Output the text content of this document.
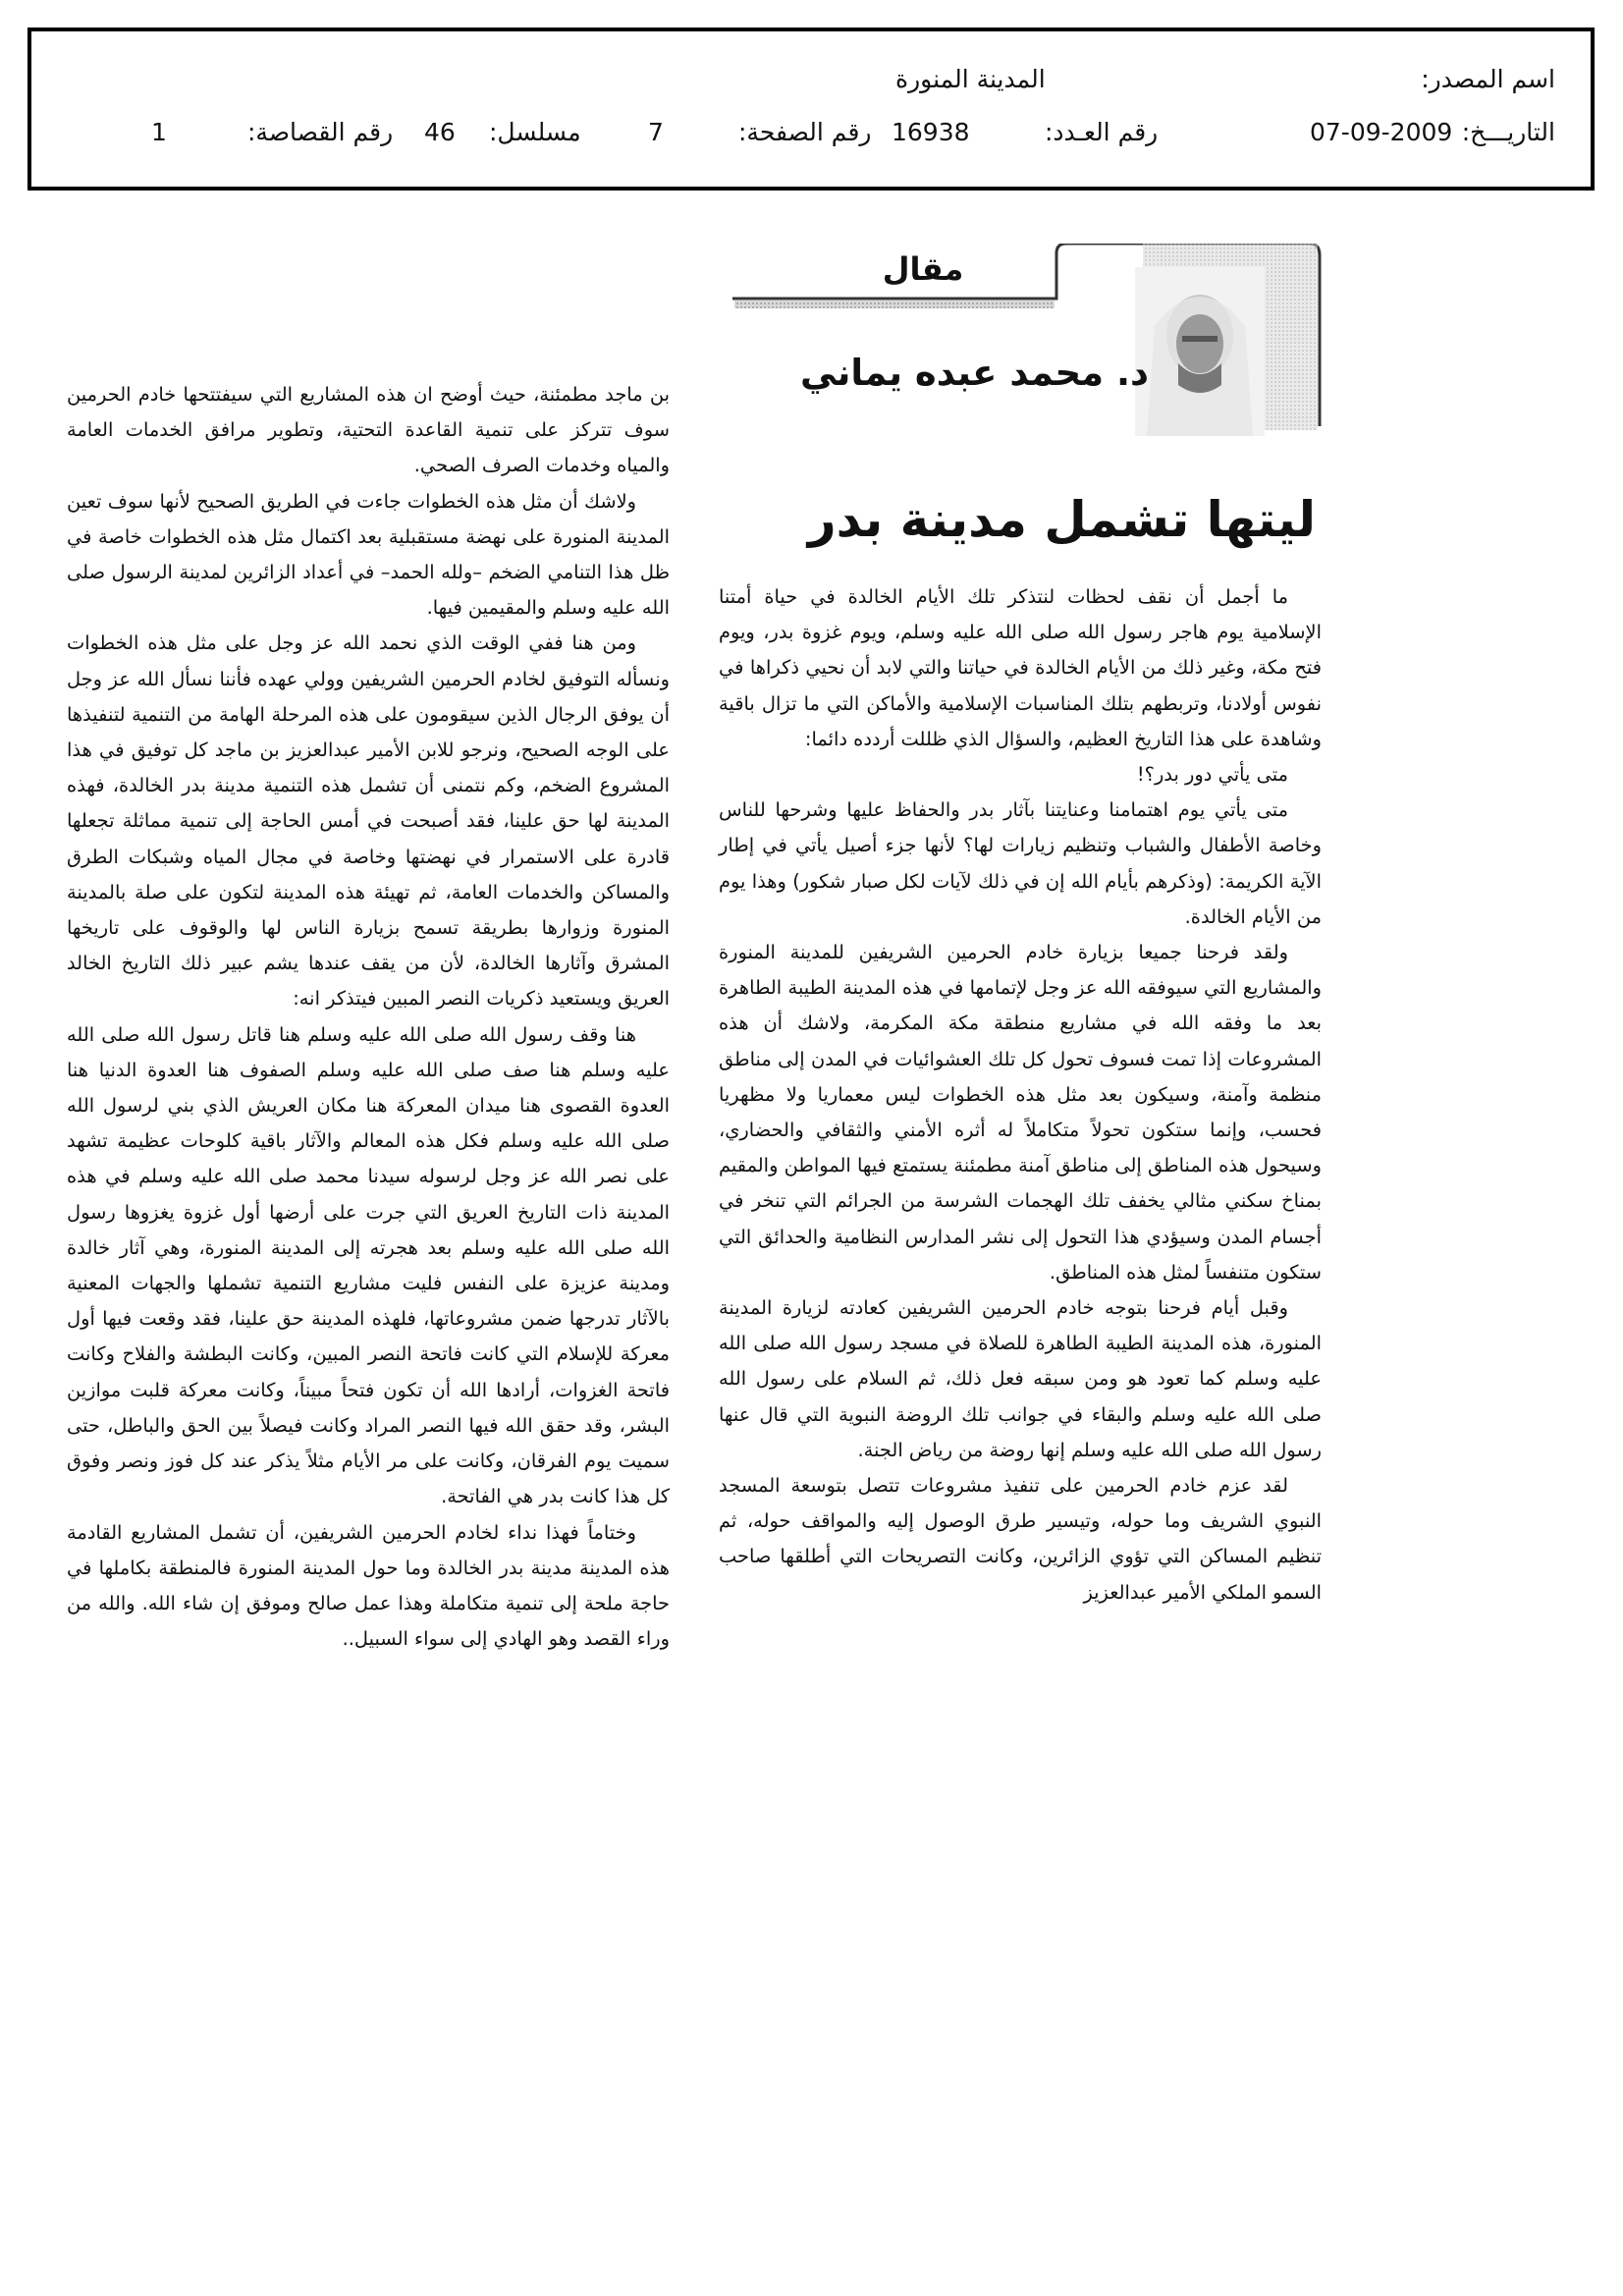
اسم المصدر:
المدينة المنورة
التاريـــخ:
07-09-2009
رقم العـدد:
16938
رقم الصفحة:
7
مسلسل:
46
رقم القصاصة:
1
مقال
د. محمد عبده يماني
ليتها تشمل مدينة بدر

ما أجمل أن نقف لحظات لنتذكر تلك الأيام الخالدة في حياة أمتنا الإسلامية يوم هاجر رسول الله صلى الله عليه وسلم، ويوم غزوة بدر، ويوم فتح مكة، وغير ذلك من الأيام الخالدة في حياتنا والتي لابد أن نحيي ذكراها في نفوس أولادنا، وتربطهم بتلك المناسبات الإسلامية والأماكن التي ما تزال باقية وشاهدة على هذا التاريخ العظيم، والسؤال الذي ظللت أردده دائما:

متى يأتي دور بدر؟!

متى يأتي يوم اهتمامنا وعنايتنا بآثار بدر والحفاظ عليها وشرحها للناس وخاصة الأطفال والشباب وتنظيم زيارات لها؟ لأنها جزء أصيل يأتي في إطار الآية الكريمة: (وذكرهم بأيام الله إن في ذلك لآيات لكل صبار شكور) وهذا يوم من الأيام الخالدة.

ولقد فرحنا جميعا بزيارة خادم الحرمين الشريفين للمدينة المنورة والمشاريع التي سيوفقه الله عز وجل لإتمامها في هذه المدينة الطيبة الطاهرة بعد ما وفقه الله في مشاريع منطقة مكة المكرمة، ولاشك أن هذه المشروعات إذا تمت فسوف تحول كل تلك العشوائيات في المدن إلى مناطق منظمة وآمنة، وسيكون بعد مثل هذه الخطوات ليس معماريا ولا مظهريا فحسب، وإنما ستكون تحولاً متكاملاً له أثره الأمني والثقافي والحضاري، وسيحول هذه المناطق إلى مناطق آمنة مطمئنة يستمتع فيها المواطن والمقيم بمناخ سكني مثالي يخفف تلك الهجمات الشرسة من الجرائم التي تنخر في أجسام المدن وسيؤدي هذا التحول إلى نشر المدارس النظامية والحدائق التي ستكون متنفساً لمثل هذه المناطق.

وقبل أيام فرحنا بتوجه خادم الحرمين الشريفين كعادته لزيارة المدينة المنورة، هذه المدينة الطيبة الطاهرة للصلاة في مسجد رسول الله صلى الله عليه وسلم كما تعود هو ومن سبقه فعل ذلك، ثم السلام على رسول الله صلى الله عليه وسلم والبقاء في جوانب تلك الروضة النبوية التي قال عنها رسول الله صلى الله عليه وسلم إنها روضة من رياض الجنة.

لقد عزم خادم الحرمين على تنفيذ مشروعات تتصل بتوسعة المسجد النبوي الشريف وما حوله، وتيسير طرق الوصول إليه والمواقف حوله، ثم تنظيم المساكن التي تؤوي الزائرين، وكانت التصريحات التي أطلقها صاحب السمو الملكي الأمير عبدالعزيز

بن ماجد مطمئنة، حيث أوضح ان هذه المشاريع التي سيفتتحها خادم الحرمين سوف تتركز على تنمية القاعدة التحتية، وتطوير مرافق الخدمات العامة والمياه وخدمات الصرف الصحي.

ولاشك أن مثل هذه الخطوات جاءت في الطريق الصحيح لأنها سوف تعين المدينة المنورة على نهضة مستقبلية بعد اكتمال مثل هذه الخطوات خاصة في ظل هذا التنامي الضخم –ولله الحمد– في أعداد الزائرين لمدينة الرسول صلى الله عليه وسلم والمقيمين فيها.

ومن هنا ففي الوقت الذي نحمد الله عز وجل على مثل هذه الخطوات ونسأله التوفيق لخادم الحرمين الشريفين وولي عهده فأننا نسأل الله عز وجل أن يوفق الرجال الذين سيقومون على هذه المرحلة الهامة من التنمية لتنفيذها على الوجه الصحيح، ونرجو للابن الأمير عبدالعزيز بن ماجد كل توفيق في هذا المشروع الضخم، وكم نتمنى أن تشمل هذه التنمية مدينة بدر الخالدة، فهذه المدينة لها حق علينا، فقد أصبحت في أمس الحاجة إلى تنمية مماثلة تجعلها قادرة على الاستمرار في نهضتها وخاصة في مجال المياه وشبكات الطرق والمساكن والخدمات العامة، ثم تهيئة هذه المدينة لتكون على صلة بالمدينة المنورة وزوارها بطريقة تسمح بزيارة الناس لها والوقوف على تاريخها المشرق وآثارها الخالدة، لأن من يقف عندها يشم عبير ذلك التاريخ الخالد العريق ويستعيد ذكريات النصر المبين فيتذكر انه:

هنا وقف رسول الله صلى الله عليه وسلم هنا قاتل رسول الله صلى الله عليه وسلم هنا صف صلى الله عليه وسلم الصفوف هنا العدوة الدنيا هنا العدوة القصوى هنا ميدان المعركة هنا مكان العريش الذي بني لرسول الله صلى الله عليه وسلم فكل هذه المعالم والآثار باقية كلوحات عظيمة تشهد على نصر الله عز وجل لرسوله سيدنا محمد صلى الله عليه وسلم في هذه المدينة ذات التاريخ العريق التي جرت على أرضها أول غزوة يغزوها رسول الله صلى الله عليه وسلم بعد هجرته إلى المدينة المنورة، وهي آثار خالدة ومدينة عزيزة على النفس فليت مشاريع التنمية تشملها والجهات المعنية بالآثار تدرجها ضمن مشروعاتها، فلهذه المدينة حق علينا، فقد وقعت فيها أول معركة للإسلام التي كانت فاتحة النصر المبين، وكانت البطشة والفلاح وكانت فاتحة الغزوات، أرادها الله أن تكون فتحاً مبيناً، وكانت معركة قلبت موازين البشر، وقد حقق الله فيها النصر المراد وكانت فيصلاً بين الحق والباطل، حتى سميت يوم الفرقان، وكانت على مر الأيام مثلاً يذكر عند كل فوز ونصر وفوق كل هذا كانت بدر هي الفاتحة.

وختاماً فهذا نداء لخادم الحرمين الشريفين، أن تشمل المشاريع القادمة هذه المدينة مدينة بدر الخالدة وما حول المدينة المنورة فالمنطقة بكاملها في حاجة ملحة إلى تنمية متكاملة وهذا عمل صالح وموفق إن شاء الله. والله من وراء القصد وهو الهادي إلى سواء السبيل..
